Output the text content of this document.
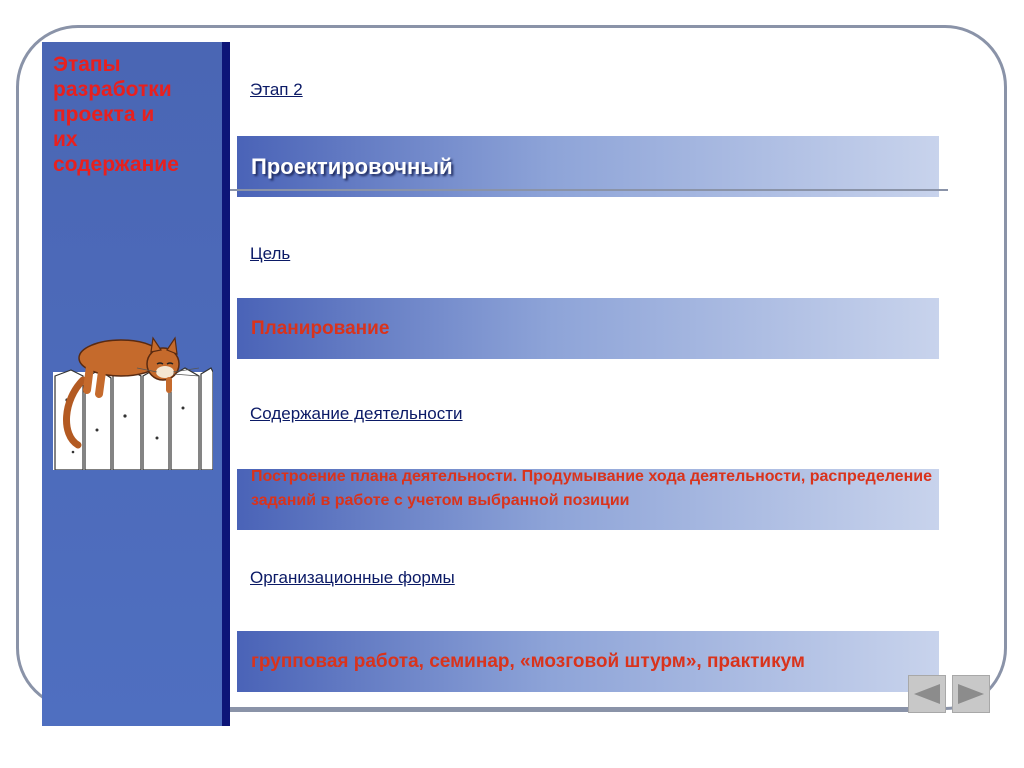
Этапы
разработки
проекта и
их
содержание

Этап 2
Проектировочный
Цель
Планирование
Содержание деятельности
Построение плана деятельности. Продумывание хода деятельности, распределение заданий в работе с учетом выбранной позиции
Организационные формы
групповая работа, семинар, «мозговой штурм», практикум
